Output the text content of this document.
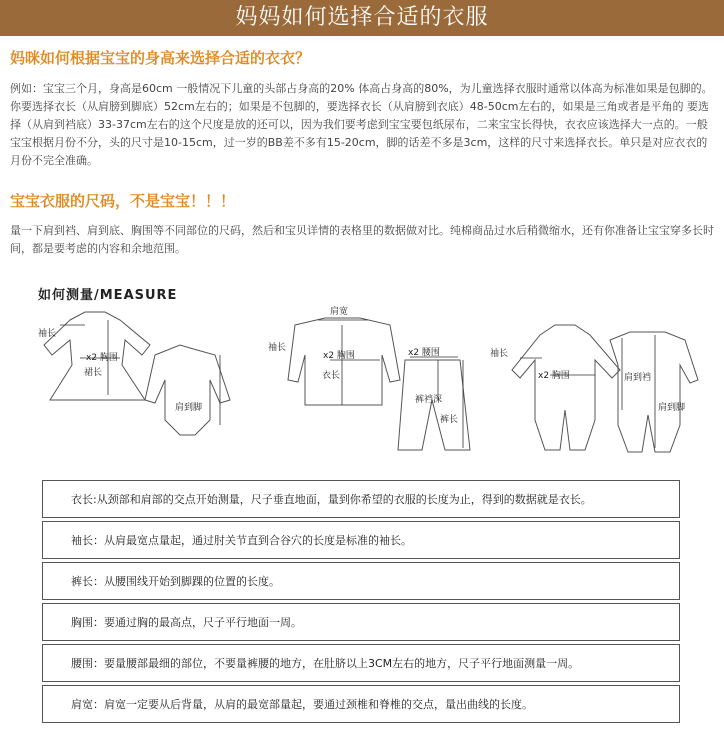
妈妈如何选择合适的衣服
妈咪如何根据宝宝的身高来选择合适的衣衣？
例如：宝宝三个月，身高是60cm 一般情况下儿童的头部占身高的20% 体高占身高的80%，为儿童选择衣服时通常以体高为标准如果是包脚的。你要选择衣长（从肩膀到脚底）52cm左右的；如果是不包脚的，要选择衣长（从肩膀到衣底）48-50cm左右的，如果是三角或者是平角的 要选择（从肩到裆底）33-37cm左右的这个尺度是放的还可以，因为我们要考虑到宝宝要包纸尿布，二来宝宝长得快，衣衣应该选择大一点的。一般宝宝根据月份不分，头的尺寸是10-15cm，过一岁的BB差不多有15-20cm，脚的话差不多是3cm，这样的尺寸来选择衣长。单只是对应衣衣的月份不完全准确。
宝宝衣服的尺码，不是宝宝！！！
量一下肩到裆、肩到底、胸围等不同部位的尺码，然后和宝贝详情的表格里的数据做对比。纯棉商品过水后稍微缩水，还有你准备让宝宝穿多长时间，都是要考虑的内容和余地范围。
如何测量/MEASURE
袖长
x2 胸围
裙长
肩到脚
肩宽
袖长
x2 胸围
衣长
x2 腰围
裤裆深
裤长
袖长
x2 胸围	肩到裆
肩到脚
衣长:从颈部和肩部的交点开始测量，尺子垂直地面，量到你希望的衣服的长度为止，得到的数据就是衣长。
袖长：从肩最宽点量起，通过肘关节直到合谷穴的长度是标准的袖长。
裤长：从腰围线开始到脚踝的位置的长度。
胸围：要通过胸的最高点，尺子平行地面一周。
腰围：要量腰部最细的部位，不要量裤腰的地方，在肚脐以上3CM左右的地方，尺子平行地面测量一周。
肩宽：肩宽一定要从后背量，从肩的最宽部量起，要通过颈椎和脊椎的交点，量出曲线的长度。
